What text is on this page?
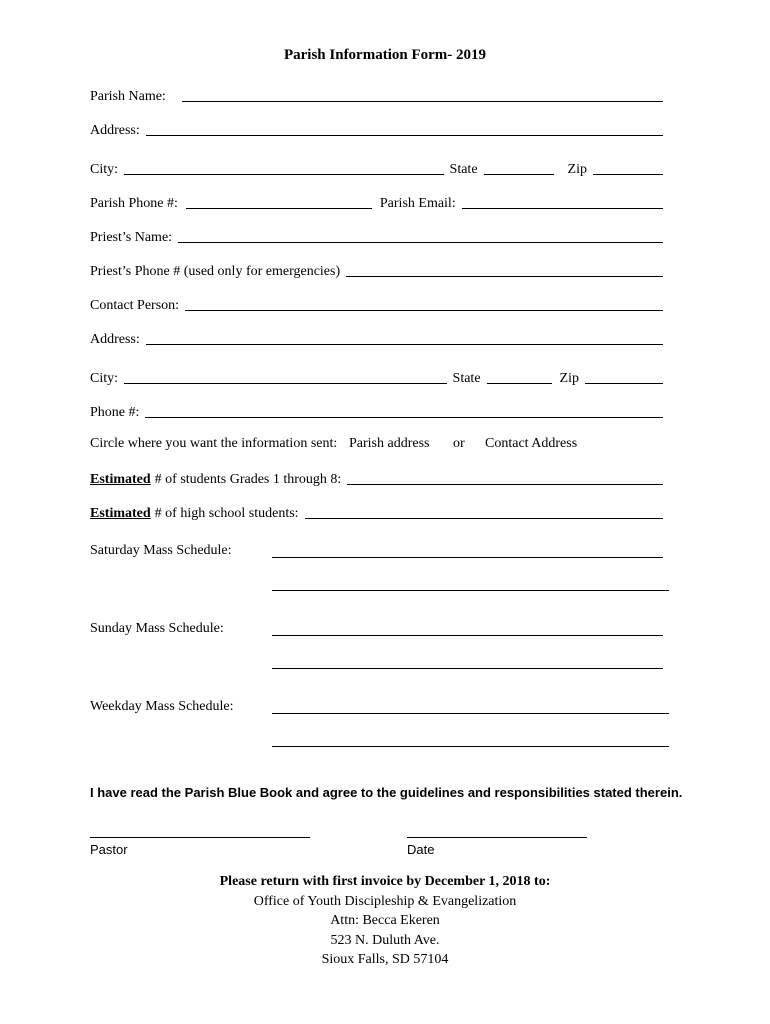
Parish Information Form- 2019
Parish Name:
Address:
City:	State	Zip
Parish Phone #:	Parish Email:
Priest’s Name:
Priest’s Phone # (used only for emergencies)
Contact Person:
Address:
City:	State	Zip
Phone #:
Circle where you want the information sent: Parish address or Contact Address
Estimated # of students Grades 1 through 8:
Estimated # of high school students:
Saturday Mass Schedule:
Sunday Mass Schedule:
Weekday Mass Schedule:
I have read the Parish Blue Book and agree to the guidelines and responsibilities stated therein.
Pastor	Date
Please return with first invoice by December 1, 2018 to:
Office of Youth Discipleship & Evangelization
Attn: Becca Ekeren
523 N. Duluth Ave.
Sioux Falls, SD 57104
